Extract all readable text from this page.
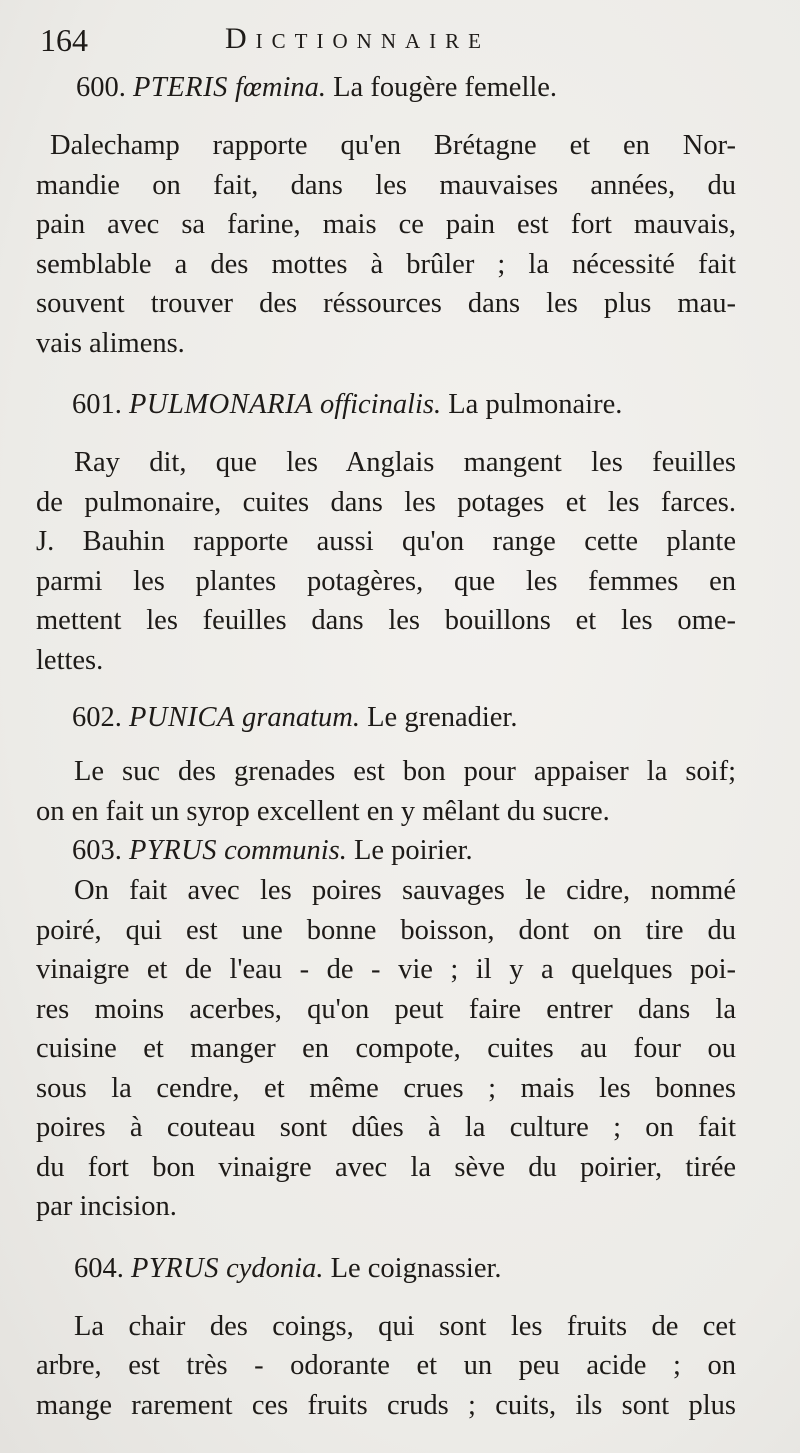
164	Dictionnaire
600. PTERIS fœmina. La fougère femelle.
Dalechamp rapporte qu'en Brétagne et en Nor-
mandie on fait, dans les mauvaises années, du
pain avec sa farine, mais ce pain est fort mauvais,
semblable a des mottes à brûler ; la nécessité fait
souvent trouver des réssources dans les plus mau-
vais alimens.
601. PULMONARIA officinalis. La pulmonaire.
Ray dit, que les Anglais mangent les feuilles
de pulmonaire, cuites dans les potages et les farces.
J. Bauhin rapporte aussi qu'on range cette plante
parmi les plantes potagères, que les femmes en
mettent les feuilles dans les bouillons et les ome-
lettes.
602. PUNICA granatum. Le grenadier.
Le suc des grenades est bon pour appaiser la soif;
on en fait un syrop excellent en y mêlant du sucre.
603. PYRUS communis. Le poirier.
On fait avec les poires sauvages le cidre, nommé
poiré, qui est une bonne boisson, dont on tire du
vinaigre et de l'eau - de - vie ; il y a quelques poi-
res moins acerbes, qu'on peut faire entrer dans la
cuisine et manger en compote, cuites au four ou
sous la cendre, et même crues ; mais les bonnes
poires à couteau sont dûes à la culture ; on fait
du fort bon vinaigre avec la sève du poirier, tirée
par incision.
604. PYRUS cydonia. Le coignassier.
La chair des coings, qui sont les fruits de cet
arbre, est très - odorante et un peu acide ; on
mange rarement ces fruits cruds ; cuits, ils sont plus
